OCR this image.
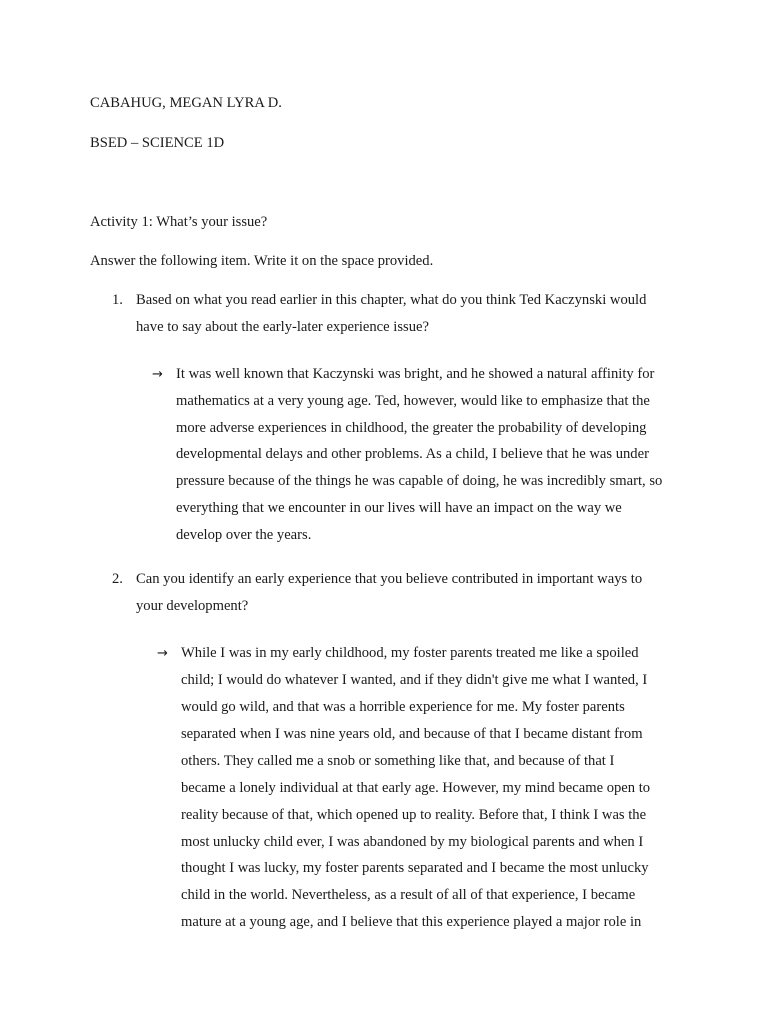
CABAHUG, MEGAN LYRA D.
BSED – SCIENCE 1D
Activity 1: What’s your issue?
Answer the following item. Write it on the space provided.
1. Based on what you read earlier in this chapter, what do you think Ted Kaczynski would
have to say about the early-later experience issue?
→ It was well known that Kaczynski was bright, and he showed a natural affinity for
mathematics at a very young age. Ted, however, would like to emphasize that the
more adverse experiences in childhood, the greater the probability of developing
developmental delays and other problems. As a child, I believe that he was under
pressure because of the things he was capable of doing, he was incredibly smart, so
everything that we encounter in our lives will have an impact on the way we
develop over the years.
2. Can you identify an early experience that you believe contributed in important ways to
your development?
→ While I was in my early childhood, my foster parents treated me like a spoiled
child; I would do whatever I wanted, and if they didn't give me what I wanted, I
would go wild, and that was a horrible experience for me. My foster parents
separated when I was nine years old, and because of that I became distant from
others. They called me a snob or something like that, and because of that I
became a lonely individual at that early age. However, my mind became open to
reality because of that, which opened up to reality. Before that, I think I was the
most unlucky child ever, I was abandoned by my biological parents and when I
thought I was lucky, my foster parents separated and I became the most unlucky
child in the world. Nevertheless, as a result of all of that experience, I became
mature at a young age, and I believe that this experience played a major role in
